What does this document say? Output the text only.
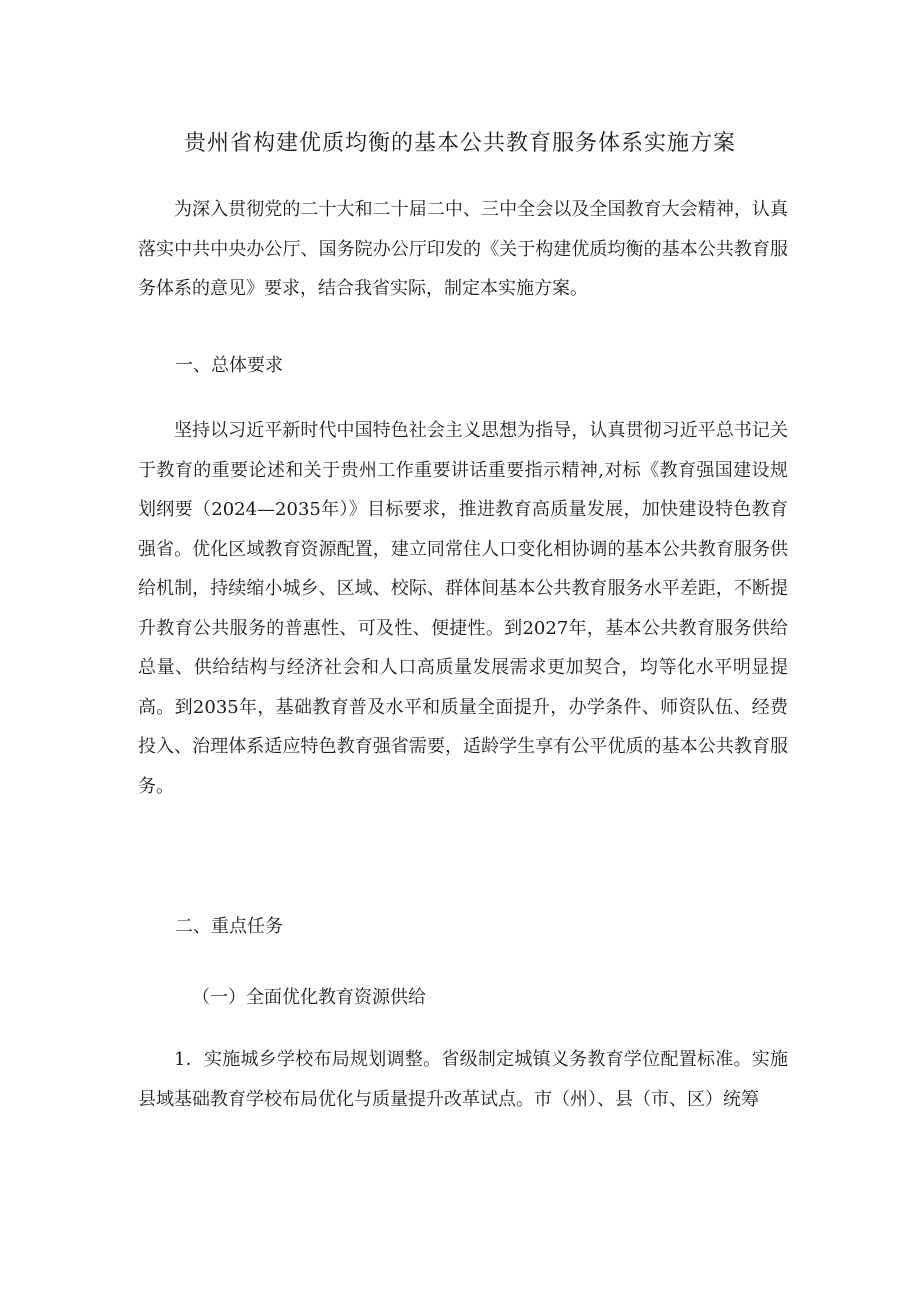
贵州省构建优质均衡的基本公共教育服务体系实施方案

为深入贯彻党的二十大和二十届二中、三中全会以及全国教育大会精神，认真落实中共中央办公厅、国务院办公厅印发的《关于构建优质均衡的基本公共教育服务体系的意见》要求，结合我省实际，制定本实施方案。

一、总体要求

坚持以习近平新时代中国特色社会主义思想为指导，认真贯彻习近平总书记关于教育的重要论述和关于贵州工作重要讲话重要指示精神,对标《教育强国建设规划纲要（2024—2035年）》目标要求，推进教育高质量发展，加快建设特色教育强省。优化区域教育资源配置，建立同常住人口变化相协调的基本公共教育服务供给机制，持续缩小城乡、区域、校际、群体间基本公共教育服务水平差距，不断提升教育公共服务的普惠性、可及性、便捷性。到2027年，基本公共教育服务供给总量、供给结构与经济社会和人口高质量发展需求更加契合，均等化水平明显提高。到2035年，基础教育普及水平和质量全面提升，办学条件、师资队伍、经费投入、治理体系适应特色教育强省需要，适龄学生享有公平优质的基本公共教育服务。

二、重点任务

（一）全面优化教育资源供给

1．实施城乡学校布局规划调整。省级制定城镇义务教育学位配置标准。实施县域基础教育学校布局优化与质量提升改革试点。市（州）、县（市、区）统筹
